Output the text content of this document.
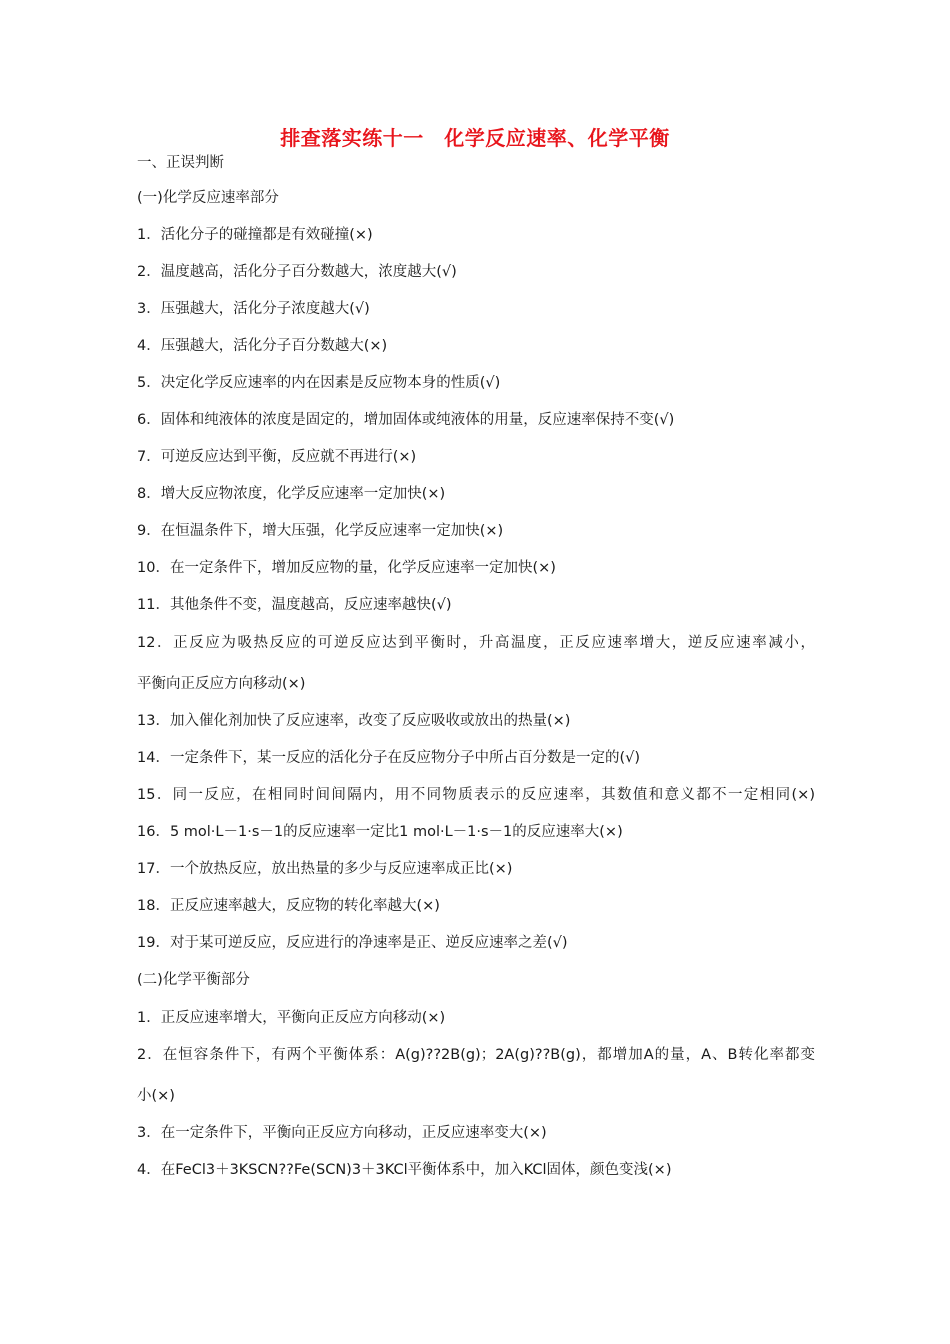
排查落实练十一　化学反应速率、化学平衡
一、正误判断
(一)化学反应速率部分
1．活化分子的碰撞都是有效碰撞(×)
2．温度越高，活化分子百分数越大，浓度越大(√)
3．压强越大，活化分子浓度越大(√)
4．压强越大，活化分子百分数越大(×)
5．决定化学反应速率的内在因素是反应物本身的性质(√)
6．固体和纯液体的浓度是固定的，增加固体或纯液体的用量，反应速率保持不变(√)
7．可逆反应达到平衡，反应就不再进行(×)
8．增大反应物浓度，化学反应速率一定加快(×)
9．在恒温条件下，增大压强，化学反应速率一定加快(×)
10．在一定条件下，增加反应物的量，化学反应速率一定加快(×)
11．其他条件不变，温度越高，反应速率越快(√)
12．正反应为吸热反应的可逆反应达到平衡时，升高温度，正反应速率增大，逆反应速率减小，
平衡向正反应方向移动(×)
13．加入催化剂加快了反应速率，改变了反应吸收或放出的热量(×)
14．一定条件下，某一反应的活化分子在反应物分子中所占百分数是一定的(√)
15．同一反应，在相同时间间隔内，用不同物质表示的反应速率，其数值和意义都不一定相同(×)
16．5 mol·L－1·s－1的反应速率一定比1 mol·L－1·s－1的反应速率大(×)
17．一个放热反应，放出热量的多少与反应速率成正比(×)
18．正反应速率越大，反应物的转化率越大(×)
19．对于某可逆反应，反应进行的净速率是正、逆反应速率之差(√)
(二)化学平衡部分
1．正反应速率增大，平衡向正反应方向移动(×)
2．在恒容条件下，有两个平衡体系：A(g)??2B(g)；2A(g)??B(g)，都增加A的量，A、B转化率都变
小(×)
3．在一定条件下，平衡向正反应方向移动，正反应速率变大(×)
4．在FeCl3＋3KSCN??Fe(SCN)3＋3KCl平衡体系中，加入KCl固体，颜色变浅(×)
